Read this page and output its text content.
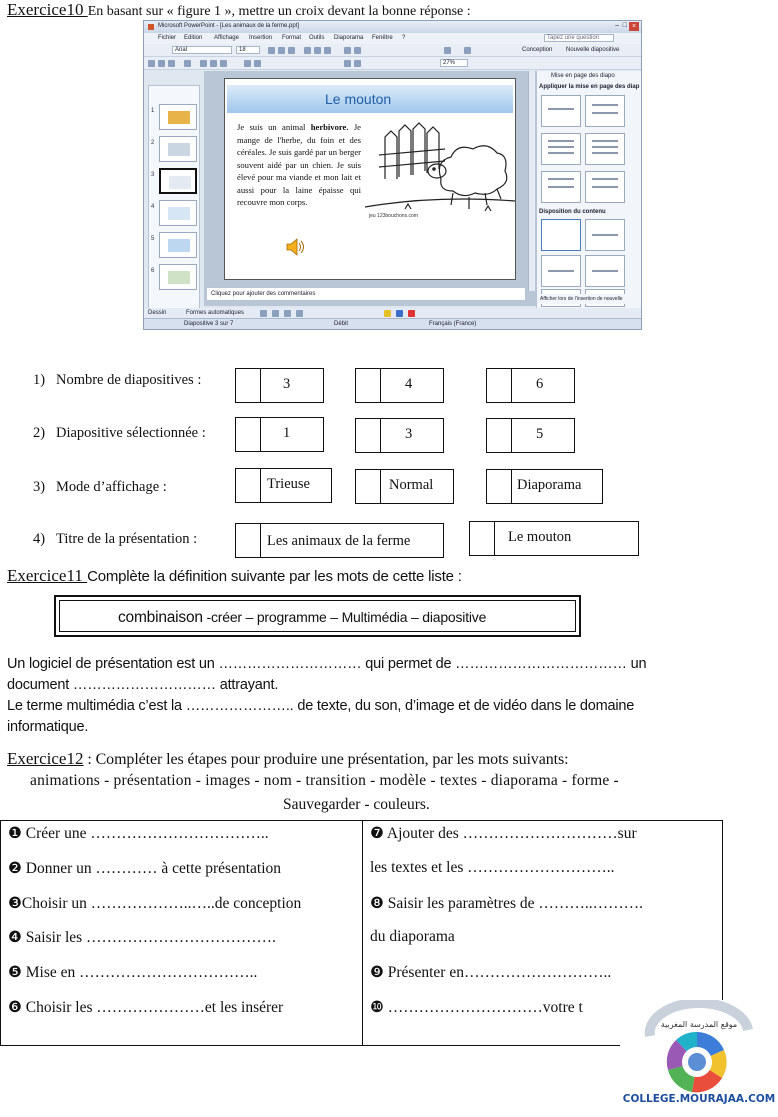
Exercice10 En basant sur « figure 1 », mettre un croix devant la bonne réponse :
Microsoft PowerPoint - [Les animaux de la ferme.ppt]	– □ ×
Fichier Edition Affichage Insertion Format Outils Diaporama Fenêtre ?	Tapez une question
Arial	18	Conception Nouvelle diapositive
27%
1
2
3
4
5
6
Le mouton
Je suis un animal herbivore. Je mange de l'herbe, du foin et des céréales. Je suis gardé par un berger souvent aidé par un chien. Je suis élevé pour ma viande et mon lait et aussi pour la laine épaisse qui recouvre mon corps.
jeu 123bouchons.com
Cliquez pour ajouter des commentaires
Mise en page des diapo
Appliquer la mise en page des diap
Disposition du contenu
Afficher lors de l'insertion de nouvelle
Dessin	Formes automatiques
Diapositive 3 sur 7	Débit	Français (France)
1) Nombre de diapositives :	3	4	6
2) Diapositive sélectionnée :	1	3	5
3) Mode d’affichage :	Trieuse	Normal	Diaporama
4) Titre de la présentation :	Les animaux de la ferme	Le mouton
Exercice11 Complète la définition suivante par les mots de cette liste :
combinaison -créer – programme – Multimédia – diapositive
Un logiciel de présentation est un ………………………… qui permet de ……………………………… un
document ………………………… attrayant.
Le terme multimédia c’est la ………………….. de texte, du son, d’image et de vidéo dans le domaine
informatique.
Exercice12 : Compléter les étapes pour produire une présentation, par les mots suivants:
animations - présentation - images - nom - transition - modèle - textes - diaporama - forme -
Sauvegarder - couleurs.
❶ Créer une ……………………………..
❷ Donner un ………… à cette présentation
❸Choisir un ………………..…..de conception
❹ Saisir les ……………………………….
❺ Mise en ……………………………..
❻ Choisir les …………………et les insérer
❼ Ajouter des …………………………sur
les textes et les ………………………..
❽ Saisir les paramètres de ………..……….
du diaporama
❾ Présenter en………………………..
❿ …………………………votre t
موقع المدرسة المغربية
COLLEGE.MOURAJAA.COM
